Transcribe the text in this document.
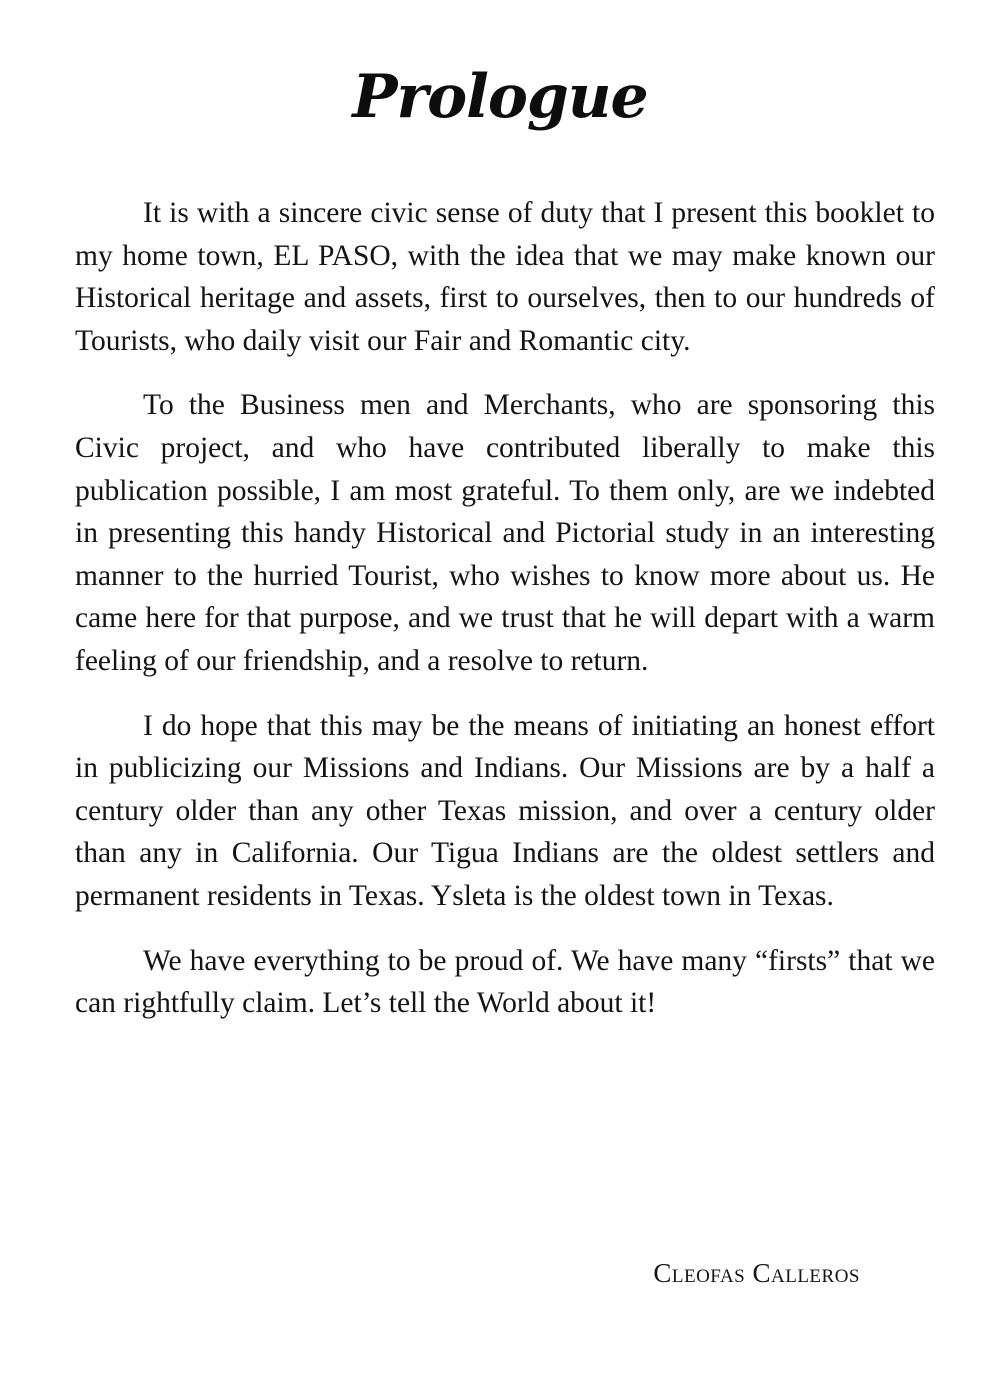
Prologue

It is with a sincere civic sense of duty that I present this booklet to my home town, EL PASO, with the idea that we may make known our Historical heritage and assets, first to ourselves, then to our hundreds of Tourists, who daily visit our Fair and Romantic city.

To the Business men and Merchants, who are sponsoring this Civic project, and who have contributed liberally to make this publication possible, I am most grateful. To them only, are we indebted in presenting this handy Historical and Pictorial study in an interesting manner to the hurried Tourist, who wishes to know more about us. He came here for that purpose, and we trust that he will depart with a warm feeling of our friendship, and a resolve to return.

I do hope that this may be the means of initiating an honest effort in publicizing our Missions and Indians. Our Missions are by a half a century older than any other Texas mission, and over a century older than any in California. Our Tigua Indians are the oldest settlers and permanent residents in Texas. Ysleta is the oldest town in Texas.

We have everything to be proud of. We have many “firsts” that we can rightfully claim. Let’s tell the World about it!

Cleofas Calleros
